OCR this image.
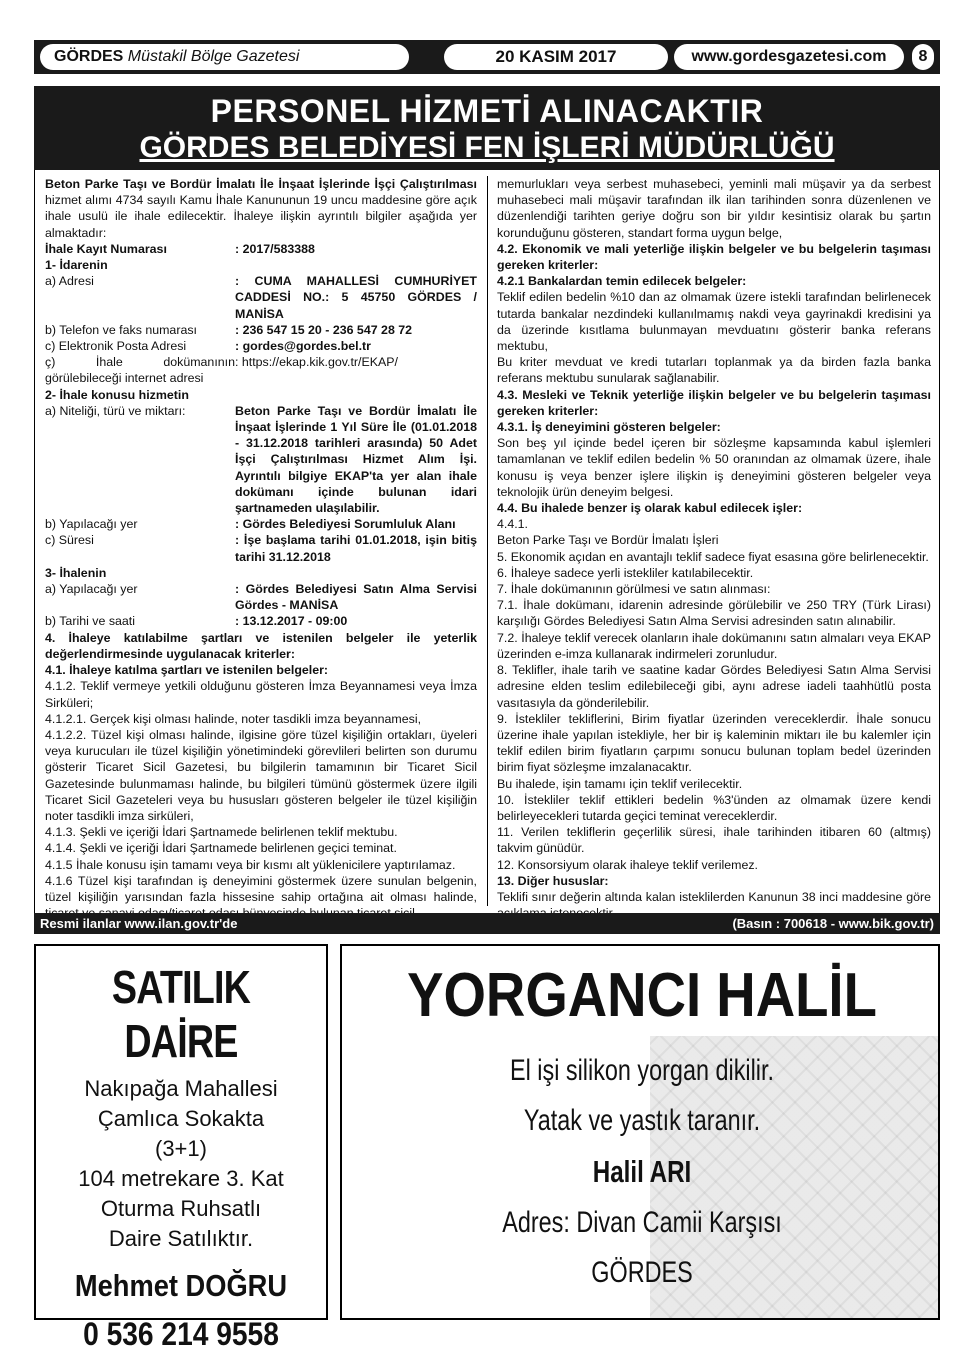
GÖRDES Müstakil Bölge Gazetesi	20 KASIM 2017	www.gordesgazetesi.com	8
PERSONEL HİZMETİ ALINACAKTIR
GÖRDES BELEDİYESİ FEN İŞLERİ MÜDÜRLÜĞÜ

Beton Parke Taşı ve Bordür İmalatı İle İnşaat İşlerinde İşçi Çalıştırılması hizmet alımı 4734 sayılı Kamu İhale Kanununun 19 uncu maddesine göre açık ihale usulü ile ihale edilecektir. İhaleye ilişkin ayrıntılı bilgiler aşağıda yer almaktadır:

İhale Kayıt Numarası	: 2017/583388
1- İdarenin
a) Adresi	: CUMA MAHALLESİ CUMHURİYET CADDESİ NO.: 5 45750 GÖRDES / MANİSA
b) Telefon ve faks numarası	: 236 547 15 20 - 236 547 28 72
c) Elektronik Posta Adresi	: gordes@gordes.bel.tr
ç) İhale dokümanının görülebileceği internet adresi
: https://ekap.kik.gov.tr/EKAP/
2- İhale konusu hizmetin
a) Niteliği, türü ve miktarı:	Beton Parke Taşı ve Bordür İmalatı İle İnşaat İşlerinde 1 Yıl Süre İle (01.01.2018 - 31.12.2018 tarihleri arasında) 50 Adet İşçi Çalıştırılması Hizmet Alım İşi. Ayrıntılı bilgiye EKAP'ta yer alan ihale dokümanı içinde bulunan idari şartnameden ulaşılabilir.
b) Yapılacağı yer	: Gördes Belediyesi Sorumluluk Alanı
c) Süresi	: İşe başlama tarihi 01.01.2018, işin bitiş tarihi 31.12.2018
3- İhalenin
a) Yapılacağı yer	: Gördes Belediyesi Satın Alma Servisi Gördes - MANİSA
b) Tarihi ve saati	: 13.12.2017 - 09:00

4. İhaleye katılabilme şartları ve istenilen belgeler ile yeterlik değerlendirmesinde uygulanacak kriterler:

4.1. İhaleye katılma şartları ve istenilen belgeler:

4.1.2. Teklif vermeye yetkili olduğunu gösteren İmza Beyannamesi veya İmza Sirküleri;

4.1.2.1. Gerçek kişi olması halinde, noter tasdikli imza beyannamesi,

4.1.2.2. Tüzel kişi olması halinde, ilgisine göre tüzel kişiliğin ortakları, üyeleri veya kurucuları ile tüzel kişiliğin yönetimindeki görevlileri belirten son durumu gösterir Ticaret Sicil Gazetesi, bu bilgilerin tamamının bir Ticaret Sicil Gazetesinde bulunmaması halinde, bu bilgileri tümünü göstermek üzere ilgili Ticaret Sicil Gazeteleri veya bu hususları gösteren belgeler ile tüzel kişiliğin noter tasdikli imza sirküleri,

4.1.3. Şekli ve içeriği İdari Şartnamede belirlenen teklif mektubu.

4.1.4. Şekli ve içeriği İdari Şartnamede belirlenen geçici teminat.

4.1.5 İhale konusu işin tamamı veya bir kısmı alt yüklenicilere yaptırılamaz.

4.1.6 Tüzel kişi tarafından iş deneyimini göstermek üzere sunulan belgenin, tüzel kişiliğin yarısından fazla hissesine sahip ortağına ait olması halinde,

memurlukları veya serbest muhasebeci, yeminli mali müşavir ya da serbest muhasebeci mali müşavir tarafından ilk ilan tarihinden sonra düzenlenen ve düzenlendiği tarihten geriye doğru son bir yıldır kesintisiz olarak bu şartın korunduğunu gösteren, standart forma uygun belge,

4.2. Ekonomik ve mali yeterliğe ilişkin belgeler ve bu belgelerin taşıması gereken kriterler:

4.2.1 Bankalardan temin edilecek belgeler:

Teklif edilen bedelin %10 dan az olmamak üzere istekli tarafından belirlenecek tutarda bankalar nezdindeki kullanılmamış nakdi veya gayrinakdi kredisini ya da üzerinde kısıtlama bulunmayan mevduatını gösterir banka referans mektubu,

Bu kriter mevduat ve kredi tutarları toplanmak ya da birden fazla banka referans mektubu sunularak sağlanabilir.

4.3. Mesleki ve Teknik yeterliğe ilişkin belgeler ve bu belgelerin taşıması gereken kriterler:

4.3.1. İş deneyimini gösteren belgeler:

Son beş yıl içinde bedel içeren bir sözleşme kapsamında kabul işlemleri tamamlanan ve teklif edilen bedelin % 50 oranından az olmamak üzere, ihale konusu iş veya benzer işlere ilişkin iş deneyimini gösteren belgeler veya teknolojik ürün deneyim belgesi.

4.4. Bu ihalede benzer iş olarak kabul edilecek işler:

4.4.1.

Beton Parke Taşı ve Bordür İmalatı İşleri

5. Ekonomik açıdan en avantajlı teklif sadece fiyat esasına göre belirlenecektir.

6. İhaleye sadece yerli istekliler katılabilecektir.

7. İhale dokümanının görülmesi ve satın alınması:

7.1. İhale dokümanı, idarenin adresinde görülebilir ve 250 TRY (Türk Lirası) karşılığı Gördes Belediyesi Satın Alma Servisi adresinden satın alınabilir.

7.2. İhaleye teklif verecek olanların ihale dokümanını satın almaları veya EKAP üzerinden e-imza kullanarak indirmeleri zorunludur.

8. Teklifler, ihale tarih ve saatine kadar Gördes Belediyesi Satın Alma Servisi adresine elden teslim edilebileceği gibi, aynı adrese iadeli taahhütlü posta vasıtasıyla da gönderilebilir.

9. İstekliler tekliflerini, Birim fiyatlar üzerinden vereceklerdir. İhale sonucu üzerine ihale yapılan istekliyle, her bir iş kaleminin miktarı ile bu kalemler için teklif edilen birim fiyatların çarpımı sonucu bulunan toplam bedel üzerinden birim fiyat sözleşme imzalanacaktır.

Bu ihalede, işin tamamı için teklif verilecektir.

10. İstekliler teklif ettikleri bedelin %3'ünden az olmamak üzere kendi belirleyecekleri tutarda geçici teminat vereceklerdir.

11. Verilen tekliflerin geçerlilik süresi, ihale tarihinden itibaren 60 (altmış) takvim günüdür.

12. Konsorsiyum olarak ihaleye teklif verilemez.

13. Diğer hususlar:

Teklifi sınır değerin altında kalan isteklilerden Kanunun 38 inci maddesine göre

Resmi ilanlar www.ilan.gov.tr'de	(Basın : 700618 - www.bik.gov.tr)
SATILIK DAİRE
Nakıpağa Mahallesi
Çamlıca Sokakta
(3+1)
104 metrekare 3. Kat
Oturma Ruhsatlı
Daire Satılıktır.
Mehmet DOĞRU
0 536 214 9558
YORGANCI HALİL
El işi silikon yorgan dikilir.
Yatak ve yastık taranır.
Halil ARI
Adres: Divan Camii Karşısı
GÖRDES
